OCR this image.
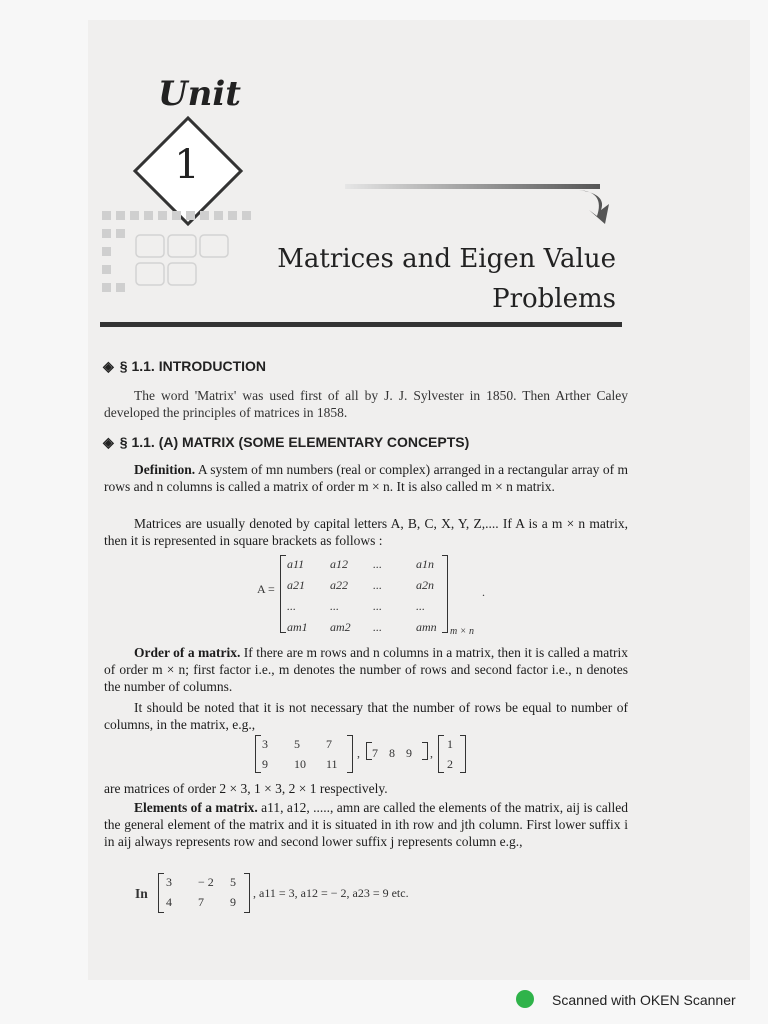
Unit
1
Matrices and Eigen Value
Problems
◈ § 1.1. INTRODUCTION
The word 'Matrix' was used first of all by J. J. Sylvester in 1850. Then Arther Caley developed the principles of matrices in 1858.
◈ § 1.1. (A) MATRIX (SOME ELEMENTARY CONCEPTS)
Definition. A system of mn numbers (real or complex) arranged in a rectangular array of m rows and n columns is called a matrix of order m × n. It is also called m × n matrix.
Matrices are usually denoted by capital letters A, B, C, X, Y, Z,.... If A is a m × n matrix, then it is represented in square brackets as follows :
A =
a11 a12 ...	a1n
a21 a22 ...	a2n
...	...	...	...
am1 am2 ...	amn m × n
.
Order of a matrix. If there are m rows and n columns in a matrix, then it is called a matrix of order m × n; first factor i.e., m denotes the number of rows and second factor i.e., n denotes the number of columns.
It should be noted that it is not necessary that the number of rows be equal to number of columns, in the matrix, e.g.,
3 5 7
9 10 11
, 7 8 9 ,
1
2
are matrices of order 2 × 3, 1 × 3, 2 × 1 respectively.
Elements of a matrix. a11, a12, ....., amn are called the elements of the matrix, aij is called the general element of the matrix and it is situated in ith row and jth column. First lower suffix i in aij always represents row and second lower suffix j represents column e.g.,
In
3 − 2 5
4 7 9
, a11 = 3, a12 = − 2, a23 = 9 etc.
Scanned with OKEN Scanner
